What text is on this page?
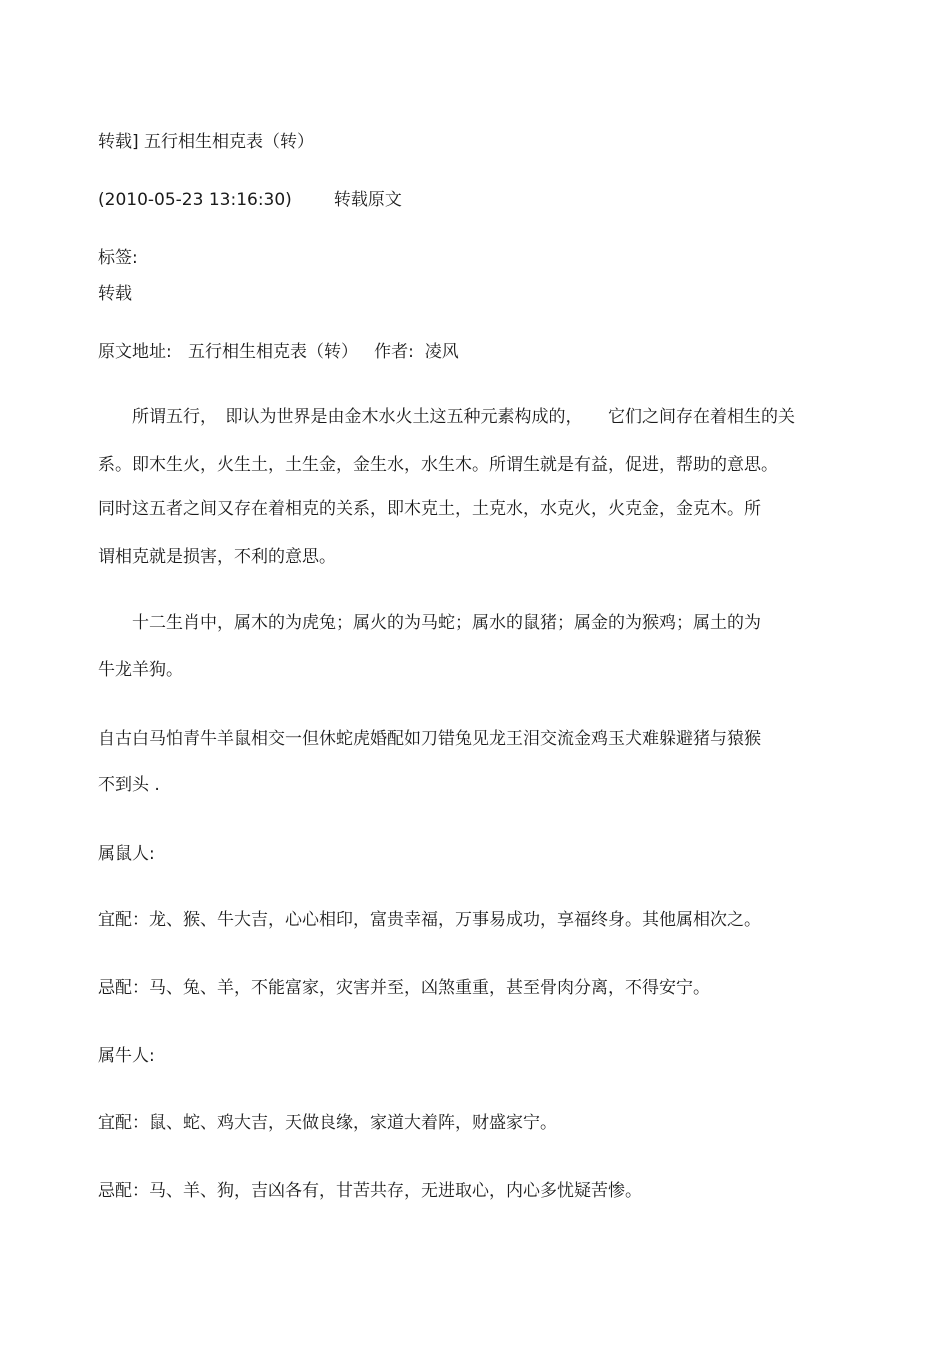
转载] 五行相生相克表（转）

(2010-05-23 13:16:30) 转载原文

标签:

转载

原文地址: 五行相生相克表（转） 作者: 凌风

　　所谓五行，　即认为世界是由金木水火土这五种元素构成的，　　它们之间存在着相生的关

系。即木生火，火生土，土生金，金生水，水生木。所谓生就是有益，促进，帮助的意思。

同时这五者之间又存在着相克的关系，即木克土，土克水，水克火，火克金，金克木。所

谓相克就是损害，不利的意思。

　　十二生肖中，属木的为虎兔；属火的为马蛇；属水的鼠猪；属金的为猴鸡；属土的为

牛龙羊狗。

自古白马怕青牛羊鼠相交一但休蛇虎婚配如刀错兔见龙王泪交流金鸡玉犬难躲避猪与猿猴

不到头 .

属鼠人:

宜配：龙、猴、牛大吉，心心相印，富贵幸福，万事易成功，享福终身。其他属相次之。

忌配：马、兔、羊，不能富家，灾害并至，凶煞重重，甚至骨肉分离，不得安宁。

属牛人:

宜配：鼠、蛇、鸡大吉，天做良缘，家道大着阵，财盛家宁。

忌配：马、羊、狗，吉凶各有，甘苦共存，无进取心，内心多忧疑苦惨。
